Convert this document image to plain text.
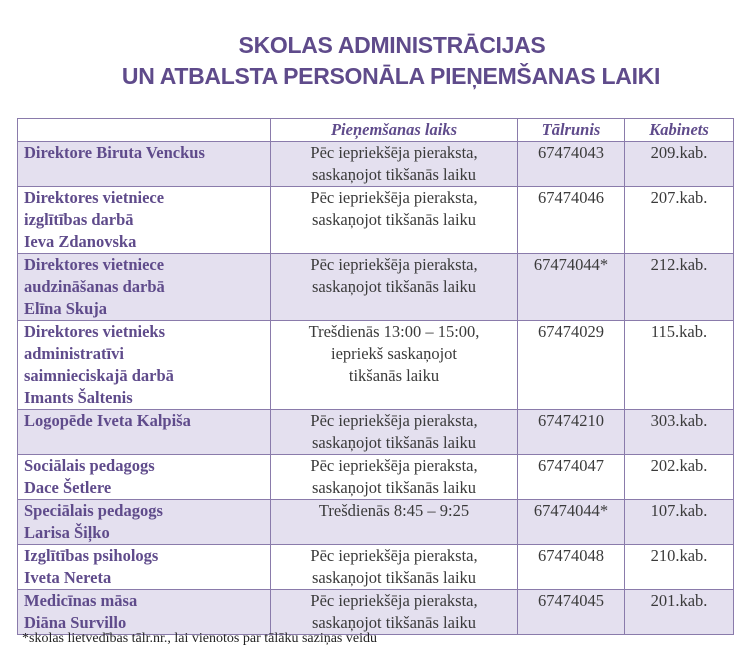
SKOLAS ADMINISTRĀCIJAS
UN ATBALSTA PERSONĀLA PIEŅEMŠANAS LAIKI
	Pieņemšanas laiks	Tālrunis	Kabinets

Direktore Biruta Venckus	Pēc iepriekšēja pieraksta,
saskaņojot tikšanās laiku	67474043	209.kab.

Direktores vietniece
izglītības darbā
Ieva Zdanovska	Pēc iepriekšēja pieraksta,
saskaņojot tikšanās laiku	67474046	207.kab.

Direktores vietniece
audzināšanas darbā
Elīna Skuja	Pēc iepriekšēja pieraksta,
saskaņojot tikšanās laiku	67474044*	212.kab.

Direktores vietnieks
administratīvi
saimnieciskajā darbā
Imants Šaltenis	Trešdienās 13:00 – 15:00,
iepriekš saskaņojot
tikšanās laiku	67474029	115.kab.

Logopēde Iveta Kalpiša	Pēc iepriekšēja pieraksta,
saskaņojot tikšanās laiku	67474210	303.kab.

Sociālais pedagogs
Dace Šetlere	Pēc iepriekšēja pieraksta,
saskaņojot tikšanās laiku	67474047	202.kab.

Speciālais pedagogs
Larisa Šiļko	Trešdienās 8:45 – 9:25	67474044*	107.kab.

Izglītības psihologs
Iveta Nereta	Pēc iepriekšēja pieraksta,
saskaņojot tikšanās laiku	67474048	210.kab.

Medicīnas māsa
Diāna Survillo	Pēc iepriekšēja pieraksta,
saskaņojot tikšanās laiku	67474045	201.kab.
*skolas lietvedības tālr.nr., lai vienotos par tālāku saziņas veidu
